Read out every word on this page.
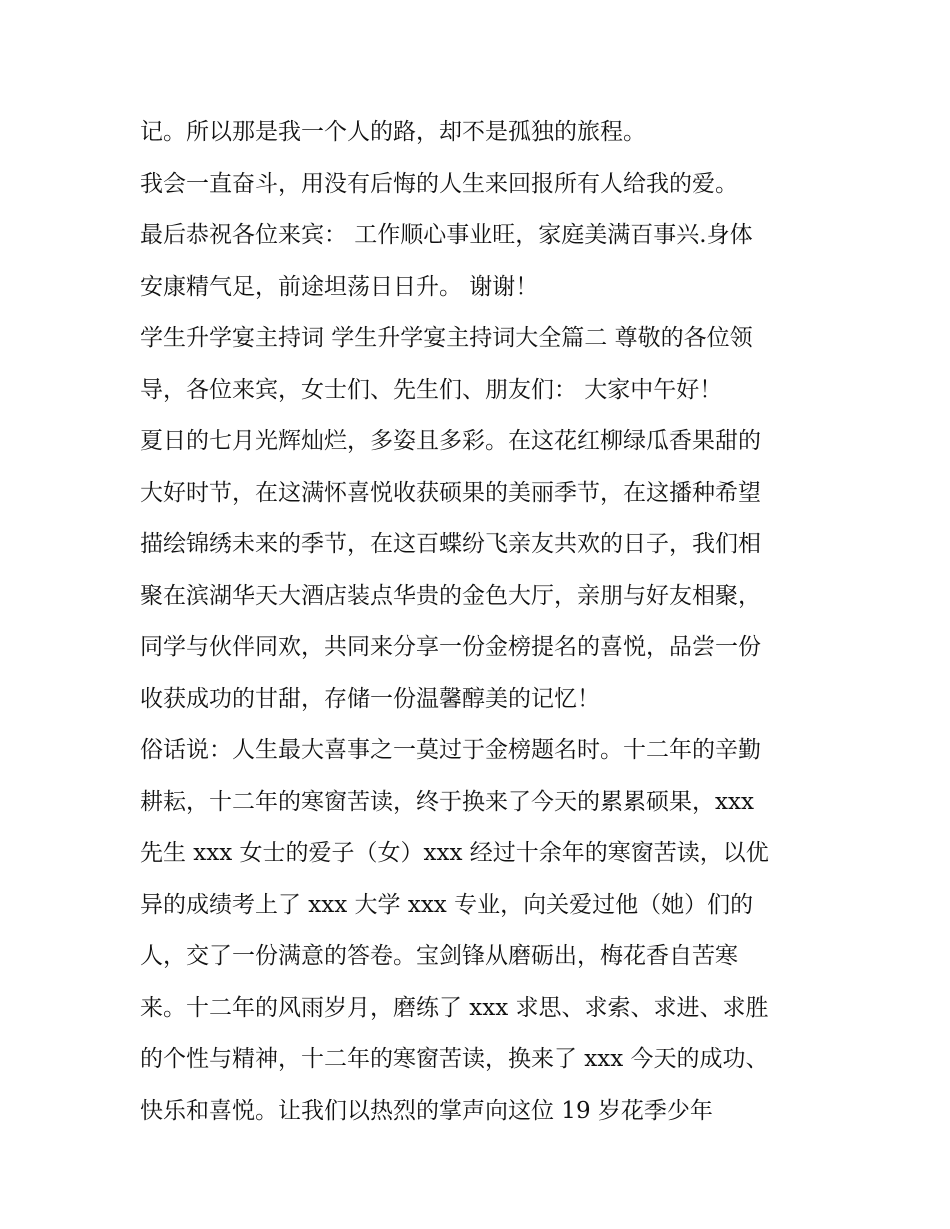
记。所以那是我一个人的路，却不是孤独的旅程。
我会一直奋斗，用没有后悔的人生来回报所有人给我的爱。
最后恭祝各位来宾： 工作顺心事业旺，家庭美满百事兴.身体
安康精气足，前途坦荡日日升。 谢谢！
学生升学宴主持词 学生升学宴主持词大全篇二 尊敬的各位领
导，各位来宾，女士们、先生们、朋友们： 大家中午好！
夏日的七月光辉灿烂，多姿且多彩。在这花红柳绿瓜香果甜的
大好时节，在这满怀喜悦收获硕果的美丽季节，在这播种希望
描绘锦绣未来的季节，在这百蝶纷飞亲友共欢的日子，我们相
聚在滨湖华天大酒店装点华贵的金色大厅，亲朋与好友相聚，
同学与伙伴同欢，共同来分享一份金榜提名的喜悦，品尝一份
收获成功的甘甜，存储一份温馨醇美的记忆！
俗话说：人生最大喜事之一莫过于金榜题名时。十二年的辛勤
耕耘，十二年的寒窗苦读，终于换来了今天的累累硕果，xxx
先生 xxx 女士的爱子（女）xxx 经过十余年的寒窗苦读，以优
异的成绩考上了 xxx 大学 xxx 专业，向关爱过他（她）们的
人，交了一份满意的答卷。宝剑锋从磨砺出，梅花香自苦寒
来。十二年的风雨岁月，磨练了 xxx 求思、求索、求进、求胜
的个性与精神，十二年的寒窗苦读，换来了 xxx 今天的成功、
快乐和喜悦。让我们以热烈的掌声向这位 19 岁花季少年
